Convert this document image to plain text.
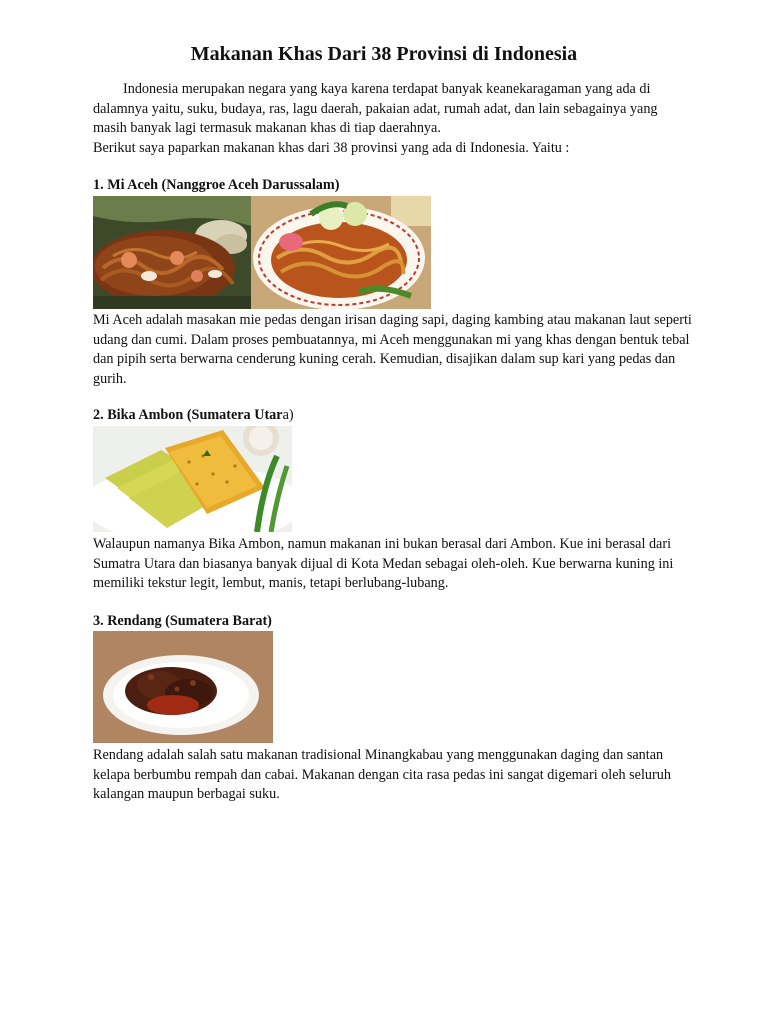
Makanan Khas Dari 38 Provinsi di Indonesia

Indonesia merupakan negara yang kaya karena terdapat banyak keanekaragaman yang ada di dalamnya yaitu, suku, budaya, ras, lagu daerah, pakaian adat, rumah adat, dan lain sebagainya yang masih banyak lagi termasuk makanan khas di tiap daerahnya.

Berikut saya paparkan makanan khas dari 38 provinsi yang ada di Indonesia. Yaitu :

1. Mi Aceh (Nanggroe Aceh Darussalam)
Mi Aceh adalah masakan mie pedas dengan irisan daging sapi, daging kambing atau makanan laut seperti udang dan cumi. Dalam proses pembuatannya, mi Aceh menggunakan mi yang khas dengan bentuk tebal dan pipih serta berwarna cenderung kuning cerah. Kemudian, disajikan dalam sup kari yang pedas dan gurih.
2. Bika Ambon (Sumatera Utara)
Walaupun namanya Bika Ambon, namun makanan ini bukan berasal dari Ambon. Kue ini berasal dari Sumatra Utara dan biasanya banyak dijual di Kota Medan sebagai oleh-oleh. Kue berwarna kuning ini memiliki tekstur legit, lembut, manis, tetapi berlubang-lubang.
3. Rendang (Sumatera Barat)
Rendang adalah salah satu makanan tradisional Minangkabau yang menggunakan daging dan santan kelapa berbumbu rempah dan cabai. Makanan dengan cita rasa pedas ini sangat digemari oleh seluruh kalangan maupun berbagai suku.
